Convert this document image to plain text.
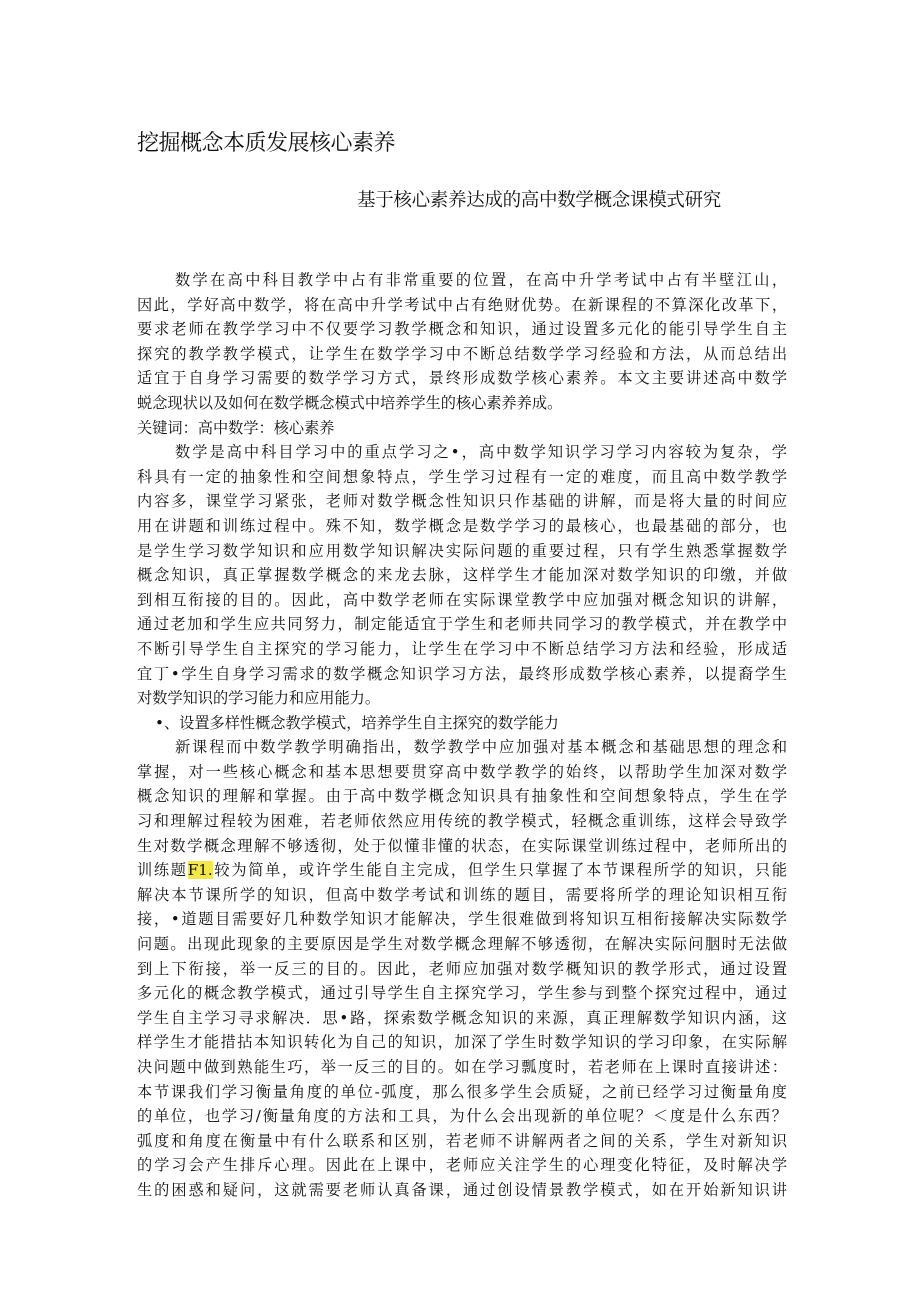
挖掘概念本质发展核心素养
基于核心素养达成的高中数学概念课模式研究
数学在高中科目教学中占有非常重要的位置，在高中升学考试中占有半壁江山，
因此，学好高中数学，将在高中升学考试中占有绝财优势。在新课程的不算深化改革下，
要求老师在教学学习中不仅要学习教学概念和知识，通过设置多元化的能引导学生自主
探究的教学教学模式，让学生在数学学习中不断总结数学学习经验和方法，从而总结出
适宜于自身学习需要的数学学习方式，景终形成数学核心素养。本文主要讲述高中数学
蜕念现状以及如何在数学概念模式中培养学生的核心素养养成。
关键词：高中数学：核心素养
数学是高中科目学习中的重点学习之•，高中数学知识学习学习内容较为复杂，学
科具有一定的抽象性和空间想象特点，学生学习过程有一定的难度，而且高中数学教学
内容多，课堂学习紧张，老师对数学概念性知识只作基础的讲解，而是将大量的时间应
用在讲题和训练过程中。殊不知，数学概念是数学学习的最核心，也最基础的部分，也
是学生学习数学知识和应用数学知识解决实际问题的重要过程，只有学生熟悉掌握数学
概念知识，真正掌握数学概念的来龙去脉，这样学生才能加深对数学知识的印缴，并做
到相互衔接的目的。因此，高中数学老师在实际课堂教学中应加强对概念知识的讲解，
通过老加和学生应共同努力，制定能适宜于学生和老师共同学习的教学模式，并在教学中
不断引导学生自主探究的学习能力，让学生在学习中不断总结学习方法和经验，形成适
宜丁•学生自身学习需求的数学概念知识学习方法，最终形成数学核心素养，以提裔学生
对数学知识的学习能力和应用能力。
•、设置多样性概念教学模式，培养学生自主探究的数学能力
新课程而中数学教学明确指出，数学教学中应加强对基本概念和基础思想的理念和
掌握，对一些核心概念和基本思想要贯穿高中数学教学的始终，以帮助学生加深对数学
概念知识的理解和掌握。由于高中数学概念知识具有抽象性和空间想象特点，学生在学
习和理解过程较为困难，若老师依然应用传统的教学模式，轻概念重训练，这样会导致学
生对数学概念理解不够透彻，处于似懂非懂的状态，在实际课堂训练过程中，老师所出的
训练题F1.较为简单，或许学生能自主完成，但学生只掌握了本节课程所学的知识，只能
解决本节课所学的知识，但高中数学考试和训练的题目，需要将所学的理论知识相互衔
接，•道题目需要好几种数学知识才能解决，学生很难做到将知识互相衔接解决实际数学
问题。出现此现象的主要原因是学生对数学概念理解不够透彻，在解决实际问胭时无法做
到上下衔接，举一反三的目的。因此，老师应加强对数学概知识的教学形式，通过设置
多元化的概念教学模式，通过引导学生自主探究学习，学生参与到整个探究过程中，通过
学生自主学习寻求解决．思•路，探索数学概念知识的来源，真正理解数学知识内涵，这
样学生才能措拈本知识转化为自己的知识，加深了学生时数学知识的学习印象，在实际解
决问题中做到熟能生巧，举一反三的目的。如在学习瓢度时，若老师在上课时直接讲述：
本节课我们学习衡量角度的单位-弧度，那么很多学生会质疑，之前已经学习过衡量角度
的单位，也学习/衡量角度的方法和工具，为什么会出现新的单位呢？＜度是什么东西？
弧度和角度在衡量中有什么联系和区别，若老师不讲解两者之间的关系，学生对新知识
的学习会产生排斥心理。因此在上课中，老师应关注学生的心理变化特征，及时解决学
生的困惑和疑问，这就需要老师认真备课，通过创设情景教学模式，如在开始新知识讲
